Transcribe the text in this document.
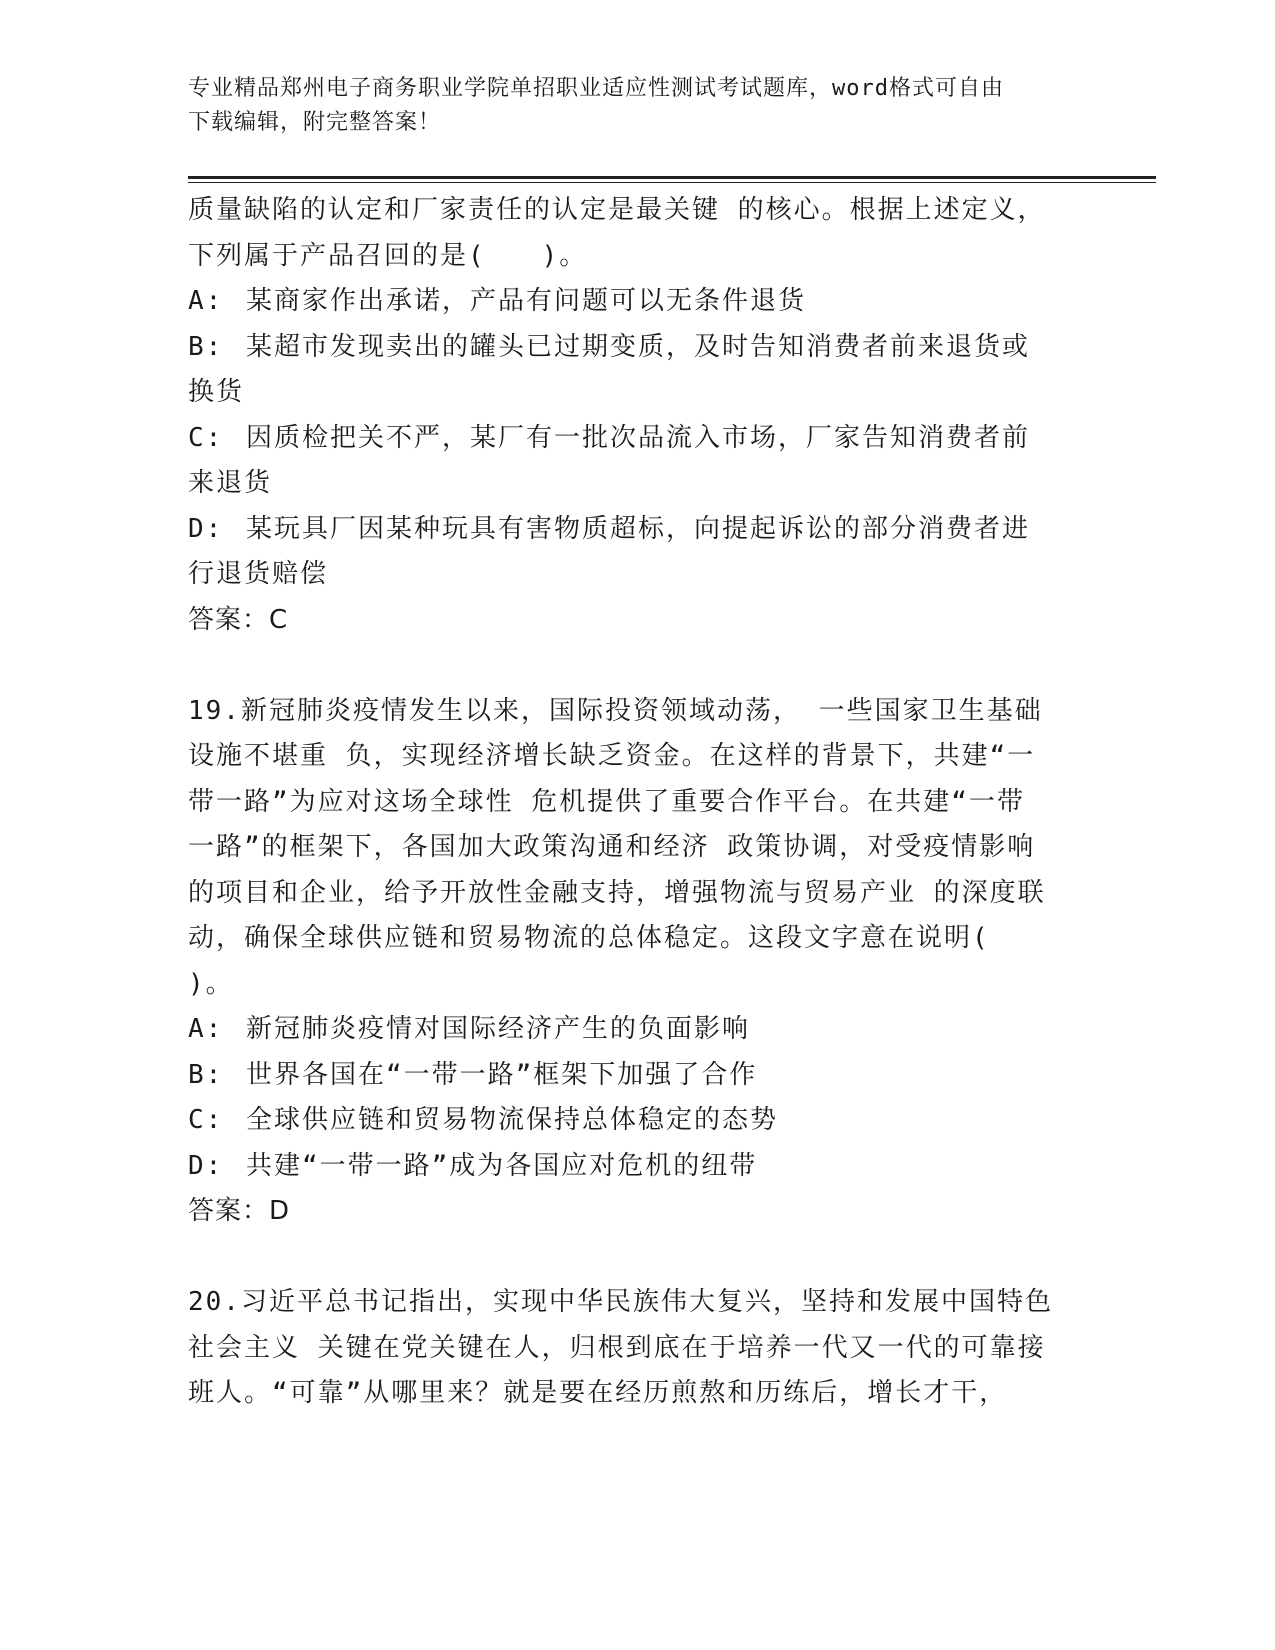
专业精品郑州电子商务职业学院单招职业适应性测试考试题库，word格式可自由
下载编辑，附完整答案！

质量缺陷的认定和厂家责任的认定是最关键 的核心。根据上述定义，

下列属于产品召回的是(　　)。

A: 某商家作出承诺，产品有问题可以无条件退货
B: 某超市发现卖出的罐头已过期变质，及时告知消费者前来退货或

换货

C: 因质检把关不严，某厂有一批次品流入市场，厂家告知消费者前

来退货

D: 某玩具厂因某种玩具有害物质超标，向提起诉讼的部分消费者进

行退货赔偿

答案：C

19.新冠肺炎疫情发生以来，国际投资领域动荡， 一些国家卫生基础

设施不堪重 负，实现经济增长缺乏资金。在这样的背景下，共建“一

带一路”为应对这场全球性 危机提供了重要合作平台。在共建“一带

一路”的框架下，各国加大政策沟通和经济 政策协调，对受疫情影响

的项目和企业，给予开放性金融支持，增强物流与贸易产业 的深度联

动，确保全球供应链和贸易物流的总体稳定。这段文字意在说明(

)。

A: 新冠肺炎疫情对国际经济产生的负面影响
B: 世界各国在“一带一路”框架下加强了合作
C: 全球供应链和贸易物流保持总体稳定的态势
D: 共建“一带一路”成为各国应对危机的纽带

答案：D

20.习近平总书记指出，实现中华民族伟大复兴，坚持和发展中国特色

社会主义 关键在党关键在人，归根到底在于培养一代又一代的可靠接

班人。“可靠”从哪里来？就是要在经历煎熬和历练后，增长才干，
